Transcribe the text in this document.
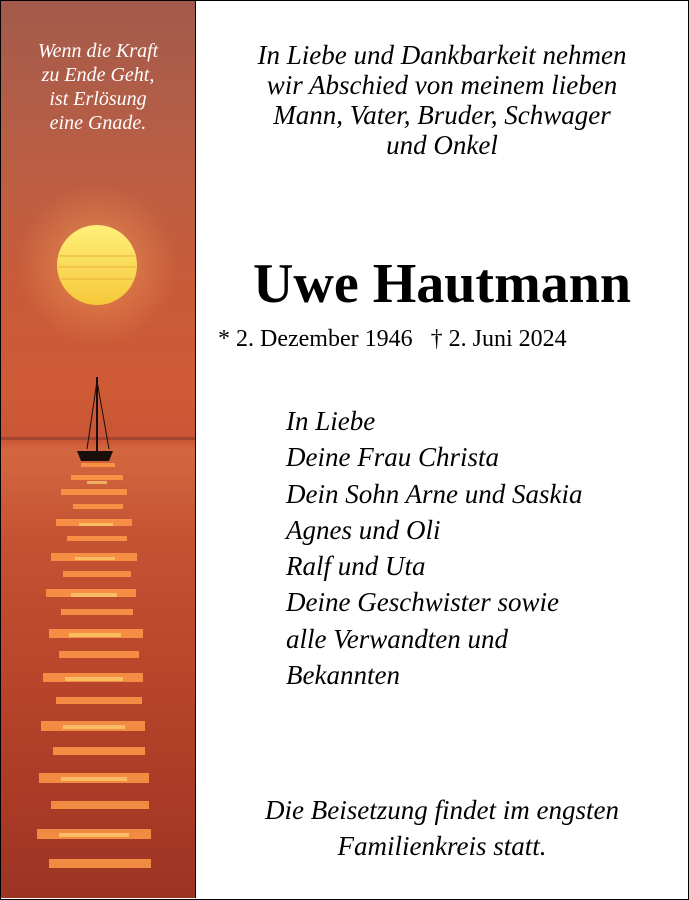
Wenn die Kraft
zu Ende Geht,
ist Erlösung
eine Gnade.
In Liebe und Dankbarkeit nehmen
wir Abschied von meinem lieben
Mann, Vater, Bruder, Schwager
und Onkel
Uwe Hautmann
* 2. Dezember 1946   † 2. Juni 2024
In Liebe
Deine Frau Christa
Dein Sohn Arne und Saskia
Agnes und Oli
Ralf und Uta
Deine Geschwister sowie
alle Verwandten und
Bekannten
Die Beisetzung findet im engsten
Familienkreis statt.
